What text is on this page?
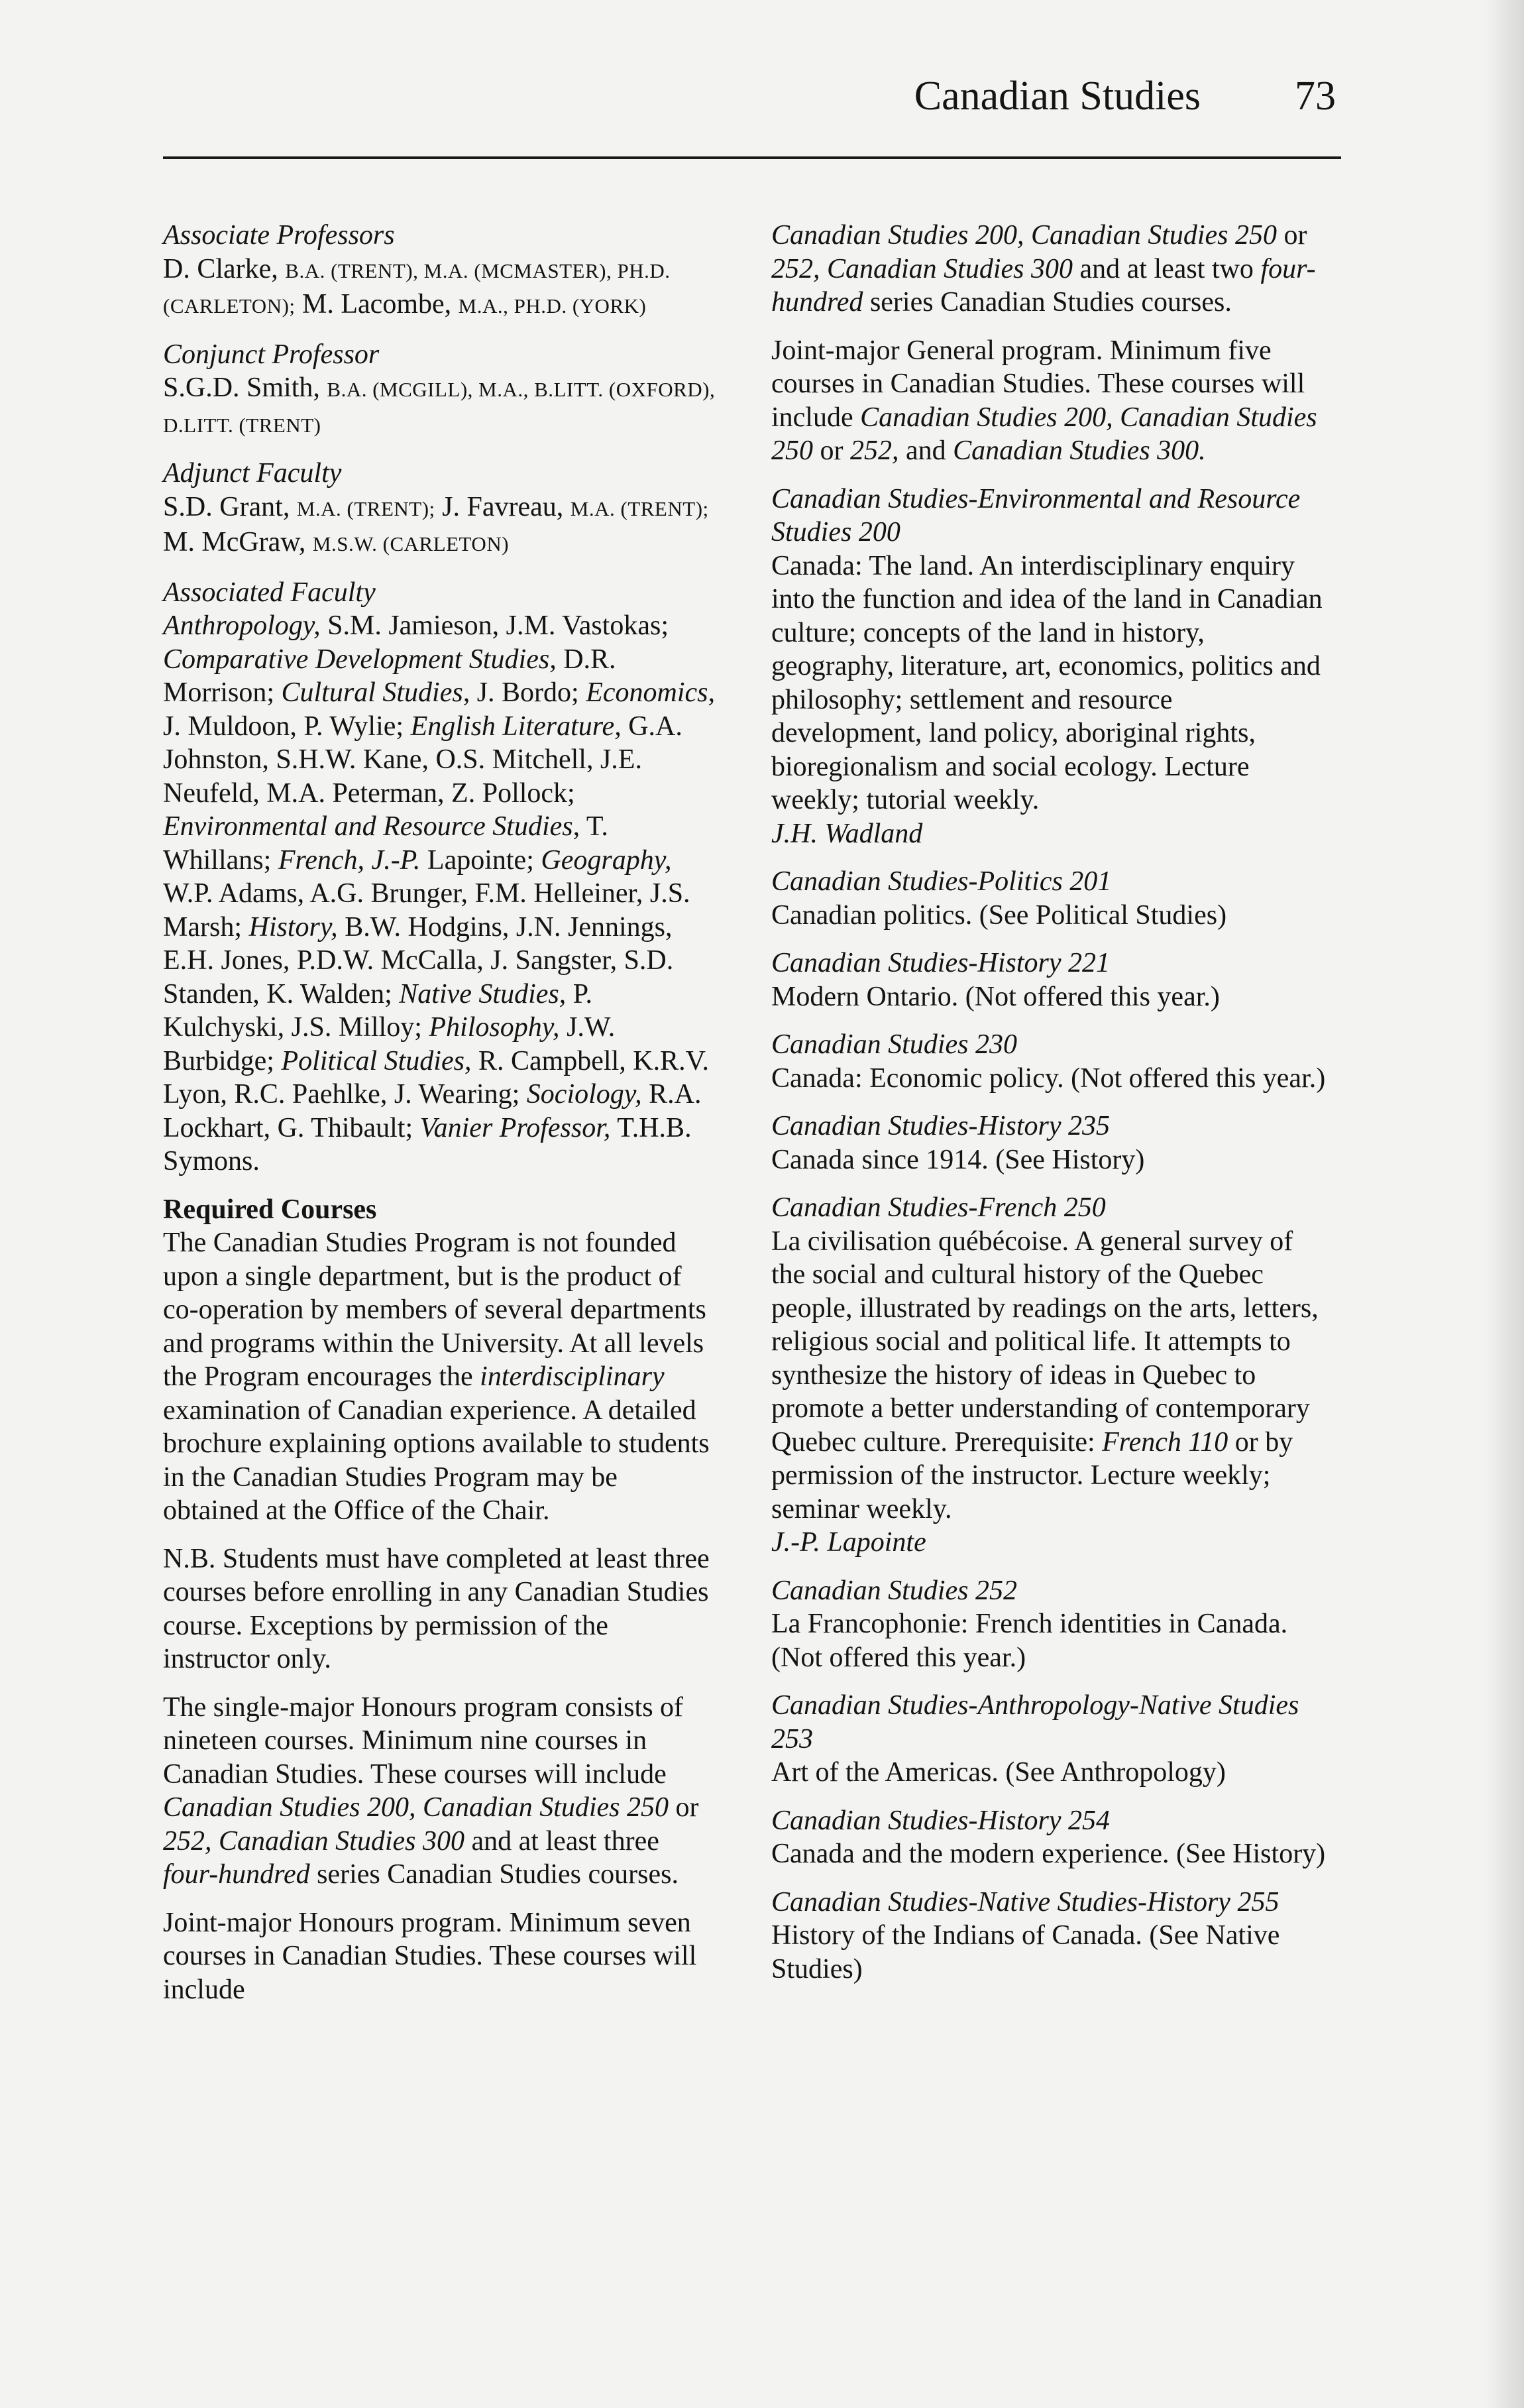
Canadian Studies 73
Associate Professors
D. Clarke, B.A. (TRENT), M.A. (MCMASTER), PH.D. (CARLETON); M. Lacombe, M.A., PH.D. (YORK)
Conjunct Professor
S.G.D. Smith, B.A. (MCGILL), M.A., B.LITT. (OXFORD), D.LITT. (TRENT)
Adjunct Faculty
S.D. Grant, M.A. (TRENT); J. Favreau, M.A. (TRENT); M. McGraw, M.S.W. (CARLETON)
Associated Faculty
Anthropology, S.M. Jamieson, J.M. Vastokas; Comparative Development Studies, D.R. Morrison; Cultural Studies, J. Bordo; Economics, J. Muldoon, P. Wylie; English Literature, G.A. Johnston, S.H.W. Kane, O.S. Mitchell, J.E. Neufeld, M.A. Peterman, Z. Pollock; Environmental and Resource Studies, T. Whillans; French, J.-P. Lapointe; Geography, W.P. Adams, A.G. Brunger, F.M. Helleiner, J.S. Marsh; History, B.W. Hodgins, J.N. Jennings, E.H. Jones, P.D.W. McCalla, J. Sangster, S.D. Standen, K. Walden; Native Studies, P. Kulchyski, J.S. Milloy; Philosophy, J.W. Burbidge; Political Studies, R. Campbell, K.R.V. Lyon, R.C. Paehlke, J. Wearing; Sociology, R.A. Lockhart, G. Thibault; Vanier Professor, T.H.B. Symons.
Required Courses
The Canadian Studies Program is not founded upon a single department, but is the product of co-operation by members of several departments and programs within the University. At all levels the Program encourages the interdisciplinary examination of Canadian experience. A detailed brochure explaining options available to students in the Canadian Studies Program may be obtained at the Office of the Chair.
N.B. Students must have completed at least three courses before enrolling in any Canadian Studies course. Exceptions by permission of the instructor only.
The single-major Honours program consists of nineteen courses. Minimum nine courses in Canadian Studies. These courses will include Canadian Studies 200, Canadian Studies 250 or 252, Canadian Studies 300 and at least three four-hundred series Canadian Studies courses.
Joint-major Honours program. Minimum seven courses in Canadian Studies. These courses will include
Canadian Studies 200, Canadian Studies 250 or 252, Canadian Studies 300 and at least two four-hundred series Canadian Studies courses.
Joint-major General program. Minimum five courses in Canadian Studies. These courses will include Canadian Studies 200, Canadian Studies 250 or 252, and Canadian Studies 300.
Canadian Studies-Environmental and Resource Studies 200
Canada: The land. An interdisciplinary enquiry into the function and idea of the land in Canadian culture; concepts of the land in history, geography, literature, art, economics, politics and philosophy; settlement and resource development, land policy, aboriginal rights, bioregionalism and social ecology. Lecture weekly; tutorial weekly.
J.H. Wadland
Canadian Studies-Politics 201
Canadian politics. (See Political Studies)
Canadian Studies-History 221
Modern Ontario. (Not offered this year.)
Canadian Studies 230
Canada: Economic policy. (Not offered this year.)
Canadian Studies-History 235
Canada since 1914. (See History)
Canadian Studies-French 250
La civilisation québécoise. A general survey of the social and cultural history of the Quebec people, illustrated by readings on the arts, letters, religious social and political life. It attempts to synthesize the history of ideas in Quebec to promote a better understanding of contemporary Quebec culture. Prerequisite: French 110 or by permission of the instructor. Lecture weekly; seminar weekly.
J.-P. Lapointe
Canadian Studies 252
La Francophonie: French identities in Canada. (Not offered this year.)
Canadian Studies-Anthropology-Native Studies 253
Art of the Americas. (See Anthropology)
Canadian Studies-History 254
Canada and the modern experience. (See History)
Canadian Studies-Native Studies-History 255
History of the Indians of Canada. (See Native Studies)
